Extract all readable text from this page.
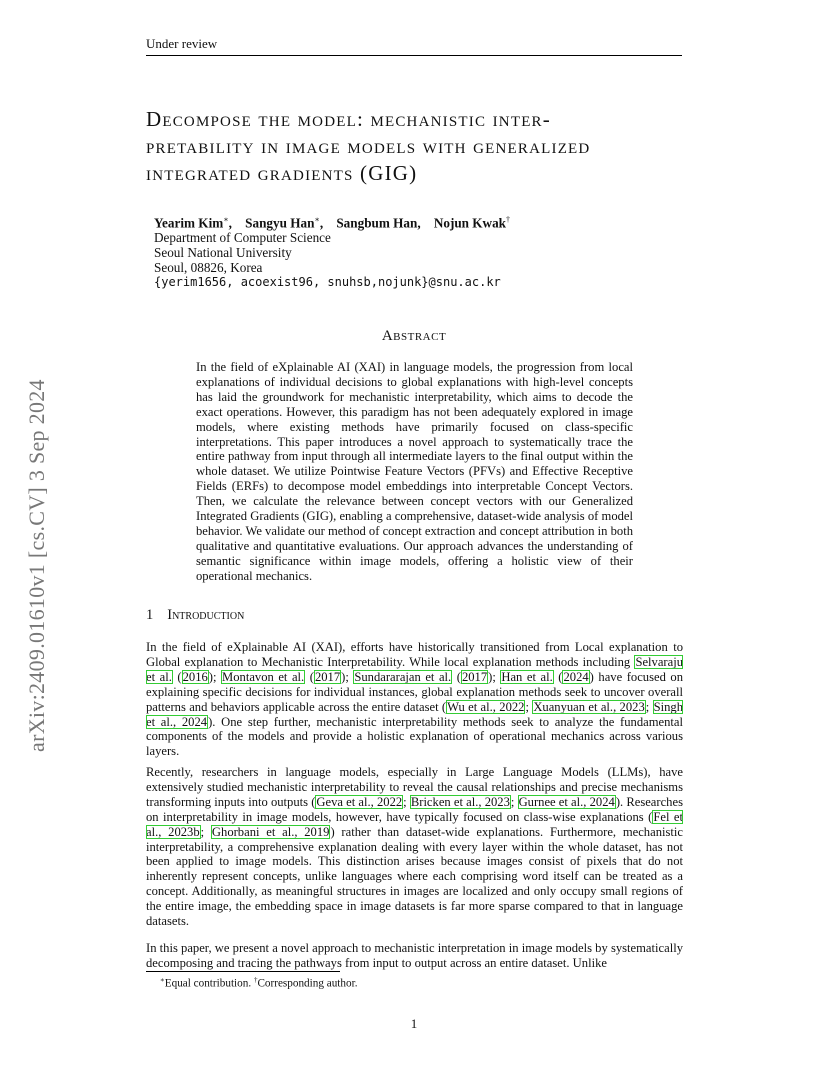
Under review
arXiv:2409.01610v1 [cs.CV] 3 Sep 2024
Decompose the model: mechanistic inter-
pretability in image models with generalized
integrated gradients (GIG)
Yearim Kim∗,    Sangyu Han∗,    Sangbum Han,    Nojun Kwak†
Department of Computer Science
Seoul National University
Seoul, 08826, Korea
{yerim1656, acoexist96, snuhsb,nojunk}@snu.ac.kr
Abstract
In the field of eXplainable AI (XAI) in language models, the progression from local explanations of individual decisions to global explanations with high-level concepts has laid the groundwork for mechanistic interpretability, which aims to decode the exact operations. However, this paradigm has not been adequately explored in image models, where existing methods have primarily focused on class-specific interpretations. This paper introduces a novel approach to systematically trace the entire pathway from input through all intermediate layers to the final output within the whole dataset. We utilize Pointwise Feature Vectors (PFVs) and Effective Receptive Fields (ERFs) to decompose model embeddings into interpretable Concept Vectors. Then, we calculate the relevance between concept vectors with our Generalized Integrated Gradients (GIG), enabling a comprehensive, dataset-wide analysis of model behavior. We validate our method of concept extraction and concept attribution in both qualitative and quantitative evaluations. Our approach advances the understanding of semantic significance within image models, offering a holistic view of their operational mechanics.
1 Introduction

In the field of eXplainable AI (XAI), efforts have historically transitioned from Local explanation to Global explanation to Mechanistic Interpretability. While local explanation methods including Selvaraju et al. (2016); Montavon et al. (2017); Sundararajan et al. (2017); Han et al. (2024) have focused on explaining specific decisions for individual instances, global explanation methods seek to uncover overall patterns and behaviors applicable across the entire dataset (Wu et al., 2022; Xuanyuan et al., 2023; Singh et al., 2024). One step further, mechanistic interpretability methods seek to analyze the fundamental components of the models and provide a holistic explanation of operational mechanics across various layers.

Recently, researchers in language models, especially in Large Language Models (LLMs), have extensively studied mechanistic interpretability to reveal the causal relationships and precise mechanisms transforming inputs into outputs (Geva et al., 2022; Bricken et al., 2023; Gurnee et al., 2024). Researches on interpretability in image models, however, have typically focused on class-wise explanations (Fel et al., 2023b; Ghorbani et al., 2019) rather than dataset-wide explanations. Furthermore, mechanistic interpretability, a comprehensive explanation dealing with every layer within the whole dataset, has not been applied to image models. This distinction arises because images consist of pixels that do not inherently represent concepts, unlike languages where each comprising word itself can be treated as a concept. Additionally, as meaningful structures in images are localized and only occupy small regions of the entire image, the embedding space in image datasets is far more sparse compared to that in language datasets.

In this paper, we present a novel approach to mechanistic interpretation in image models by systematically decomposing and tracing the pathways from input to output across an entire dataset. Unlike

∗Equal contribution. †Corresponding author.
1
